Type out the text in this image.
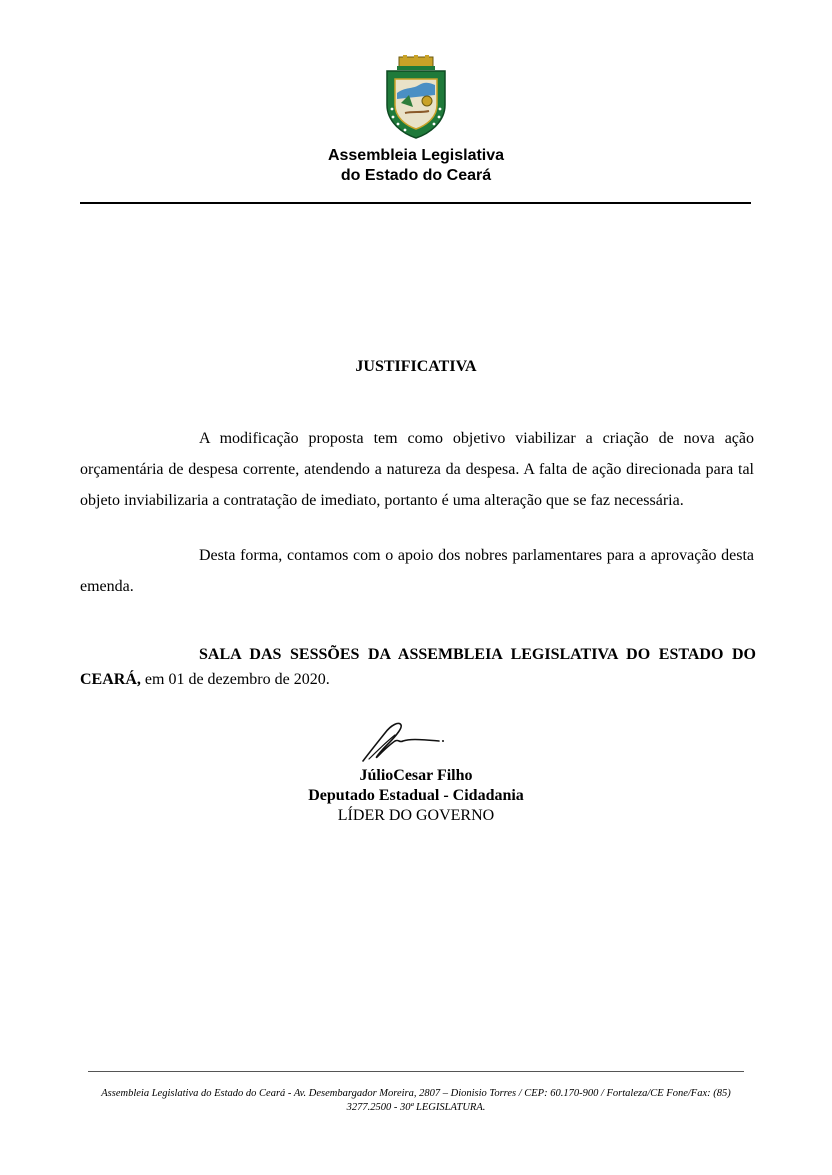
Assembleia Legislativa
do Estado do Ceará
JUSTIFICATIVA

A modificação proposta tem como objetivo viabilizar a criação de nova ação orçamentária de despesa corrente, atendendo a natureza da despesa. A falta de ação direcionada para tal objeto inviabilizaria a contratação de imediato, portanto é uma alteração que se faz necessária.

Desta forma, contamos com o apoio dos nobres parlamentares para a aprovação desta emenda.

SALA DAS SESSÕES DA ASSEMBLEIA LEGISLATIVA DO ESTADO DO CEARÁ, em 01 de dezembro de 2020.

JúlioCesar Filho
Deputado Estadual - Cidadania
LÍDER DO GOVERNO
Assembleia Legislativa do Estado do Ceará - Av. Desembargador Moreira, 2807 – Dionisio Torres / CEP: 60.170-900 / Fortaleza/CE Fone/Fax: (85)
3277.2500 - 30ª LEGISLATURA.
